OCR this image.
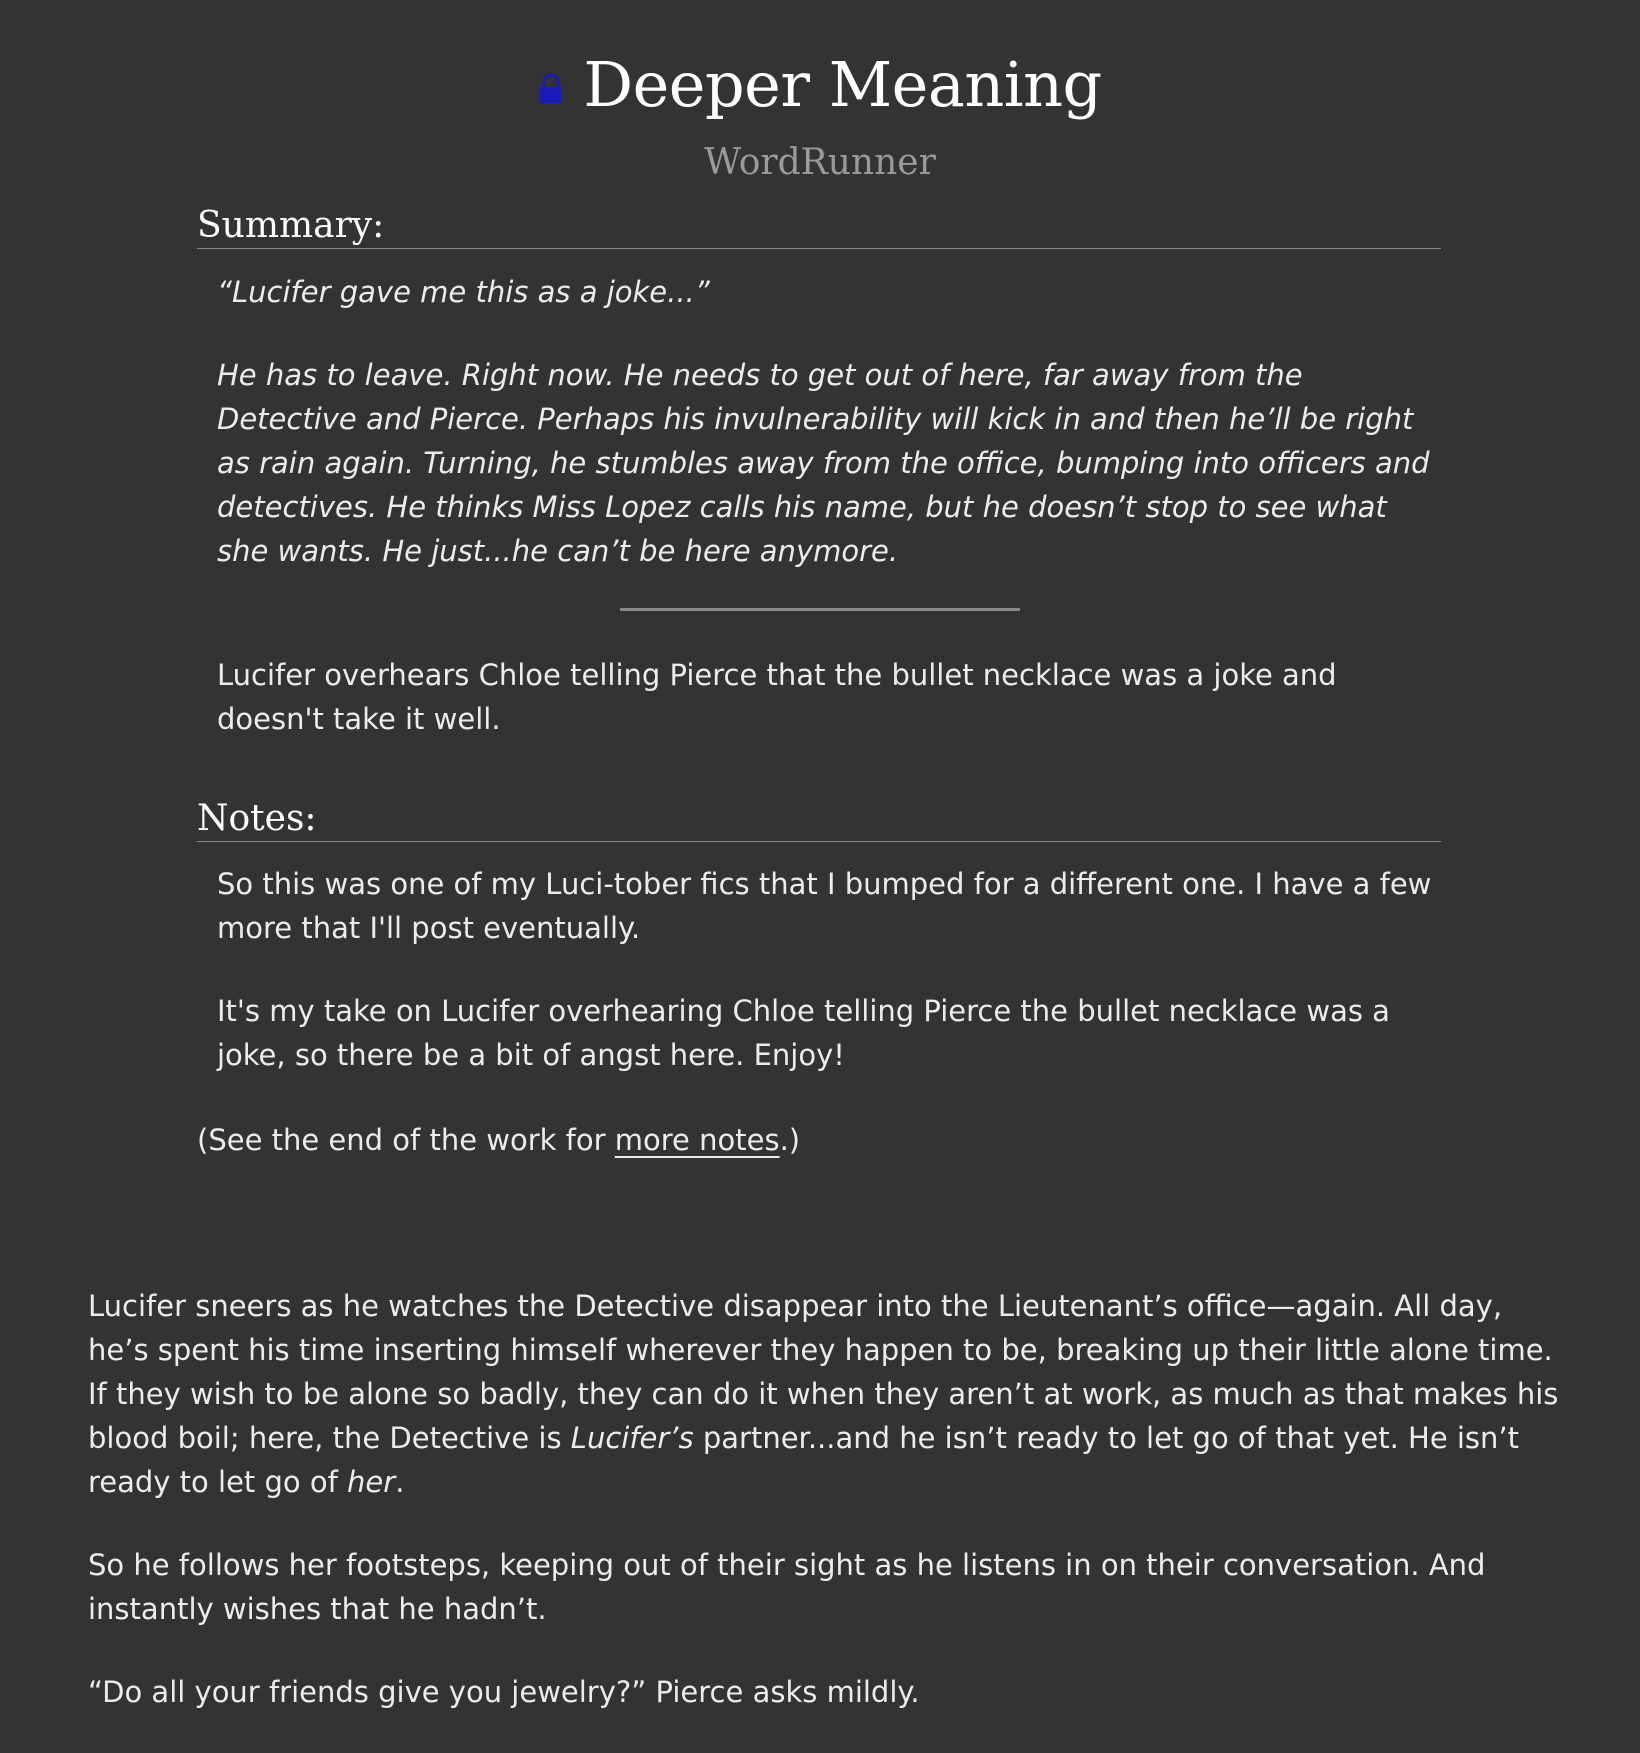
Deeper Meaning
WordRunner
Summary:

“Lucifer gave me this as a joke...”

He has to leave. Right now. He needs to get out of here, far away from the Detective and Pierce. Perhaps his invulnerability will kick in and then he’ll be right as rain again. Turning, he stumbles away from the office, bumping into officers and detectives. He thinks Miss Lopez calls his name, but he doesn’t stop to see what she wants. He just...he can’t be here anymore.

Lucifer overhears Chloe telling Pierce that the bullet necklace was a joke and doesn't take it well.

Notes:

So this was one of my Luci-tober fics that I bumped for a different one. I have a few more that I'll post eventually.

It's my take on Lucifer overhearing Chloe telling Pierce the bullet necklace was a joke, so there be a bit of angst here. Enjoy!

(See the end of the work for more notes.)

Lucifer sneers as he watches the Detective disappear into the Lieutenant’s office—again. All day, he’s spent his time inserting himself wherever they happen to be, breaking up their little alone time. If they wish to be alone so badly, they can do it when they aren’t at work, as much as that makes his blood boil; here, the Detective is Lucifer’s partner...and he isn’t ready to let go of that yet. He isn’t ready to let go of her.

So he follows her footsteps, keeping out of their sight as he listens in on their conversation. And instantly wishes that he hadn’t.

“Do all your friends give you jewelry?” Pierce asks mildly.
